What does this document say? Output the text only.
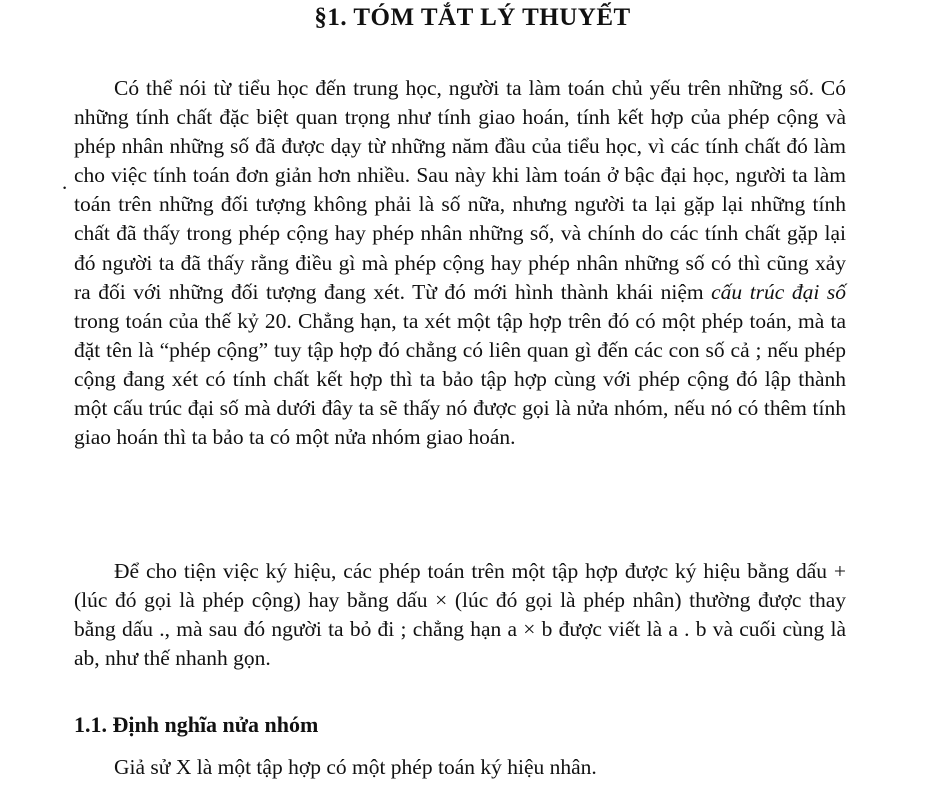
§1. TÓM TẮT LÝ THUYẾT
.

Có thể nói từ tiểu học đến trung học, người ta làm toán chủ yếu trên những số. Có những tính chất đặc biệt quan trọng như tính giao hoán, tính kết hợp của phép cộng và phép nhân những số đã được dạy từ những năm đầu của tiểu học, vì các tính chất đó làm cho việc tính toán đơn giản hơn nhiều. Sau này khi làm toán ở bậc đại học, người ta làm toán trên những đối tượng không phải là số nữa, nhưng người ta lại gặp lại những tính chất đã thấy trong phép cộng hay phép nhân những số, và chính do các tính chất gặp lại đó người ta đã thấy rằng điều gì mà phép cộng hay phép nhân những số có thì cũng xảy ra đối với những đối tượng đang xét. Từ đó mới hình thành khái niệm cấu trúc đại số trong toán của thế kỷ 20. Chẳng hạn, ta xét một tập hợp trên đó có một phép toán, mà ta đặt tên là “phép cộng” tuy tập hợp đó chẳng có liên quan gì đến các con số cả ; nếu phép cộng đang xét có tính chất kết hợp thì ta bảo tập hợp cùng với phép cộng đó lập thành một cấu trúc đại số mà dưới đây ta sẽ thấy nó được gọi là nửa nhóm, nếu nó có thêm tính giao hoán thì ta bảo ta có một nửa nhóm giao hoán.

Để cho tiện việc ký hiệu, các phép toán trên một tập hợp được ký hiệu bằng dấu + (lúc đó gọi là phép cộng) hay bằng dấu × (lúc đó gọi là phép nhân) thường được thay bằng dấu ., mà sau đó người ta bỏ đi ; chẳng hạn a × b được viết là a . b và cuối cùng là ab, như thế nhanh gọn.

1.1. Định nghĩa nửa nhóm

Giả sử X là một tập hợp có một phép toán ký hiệu nhân.
